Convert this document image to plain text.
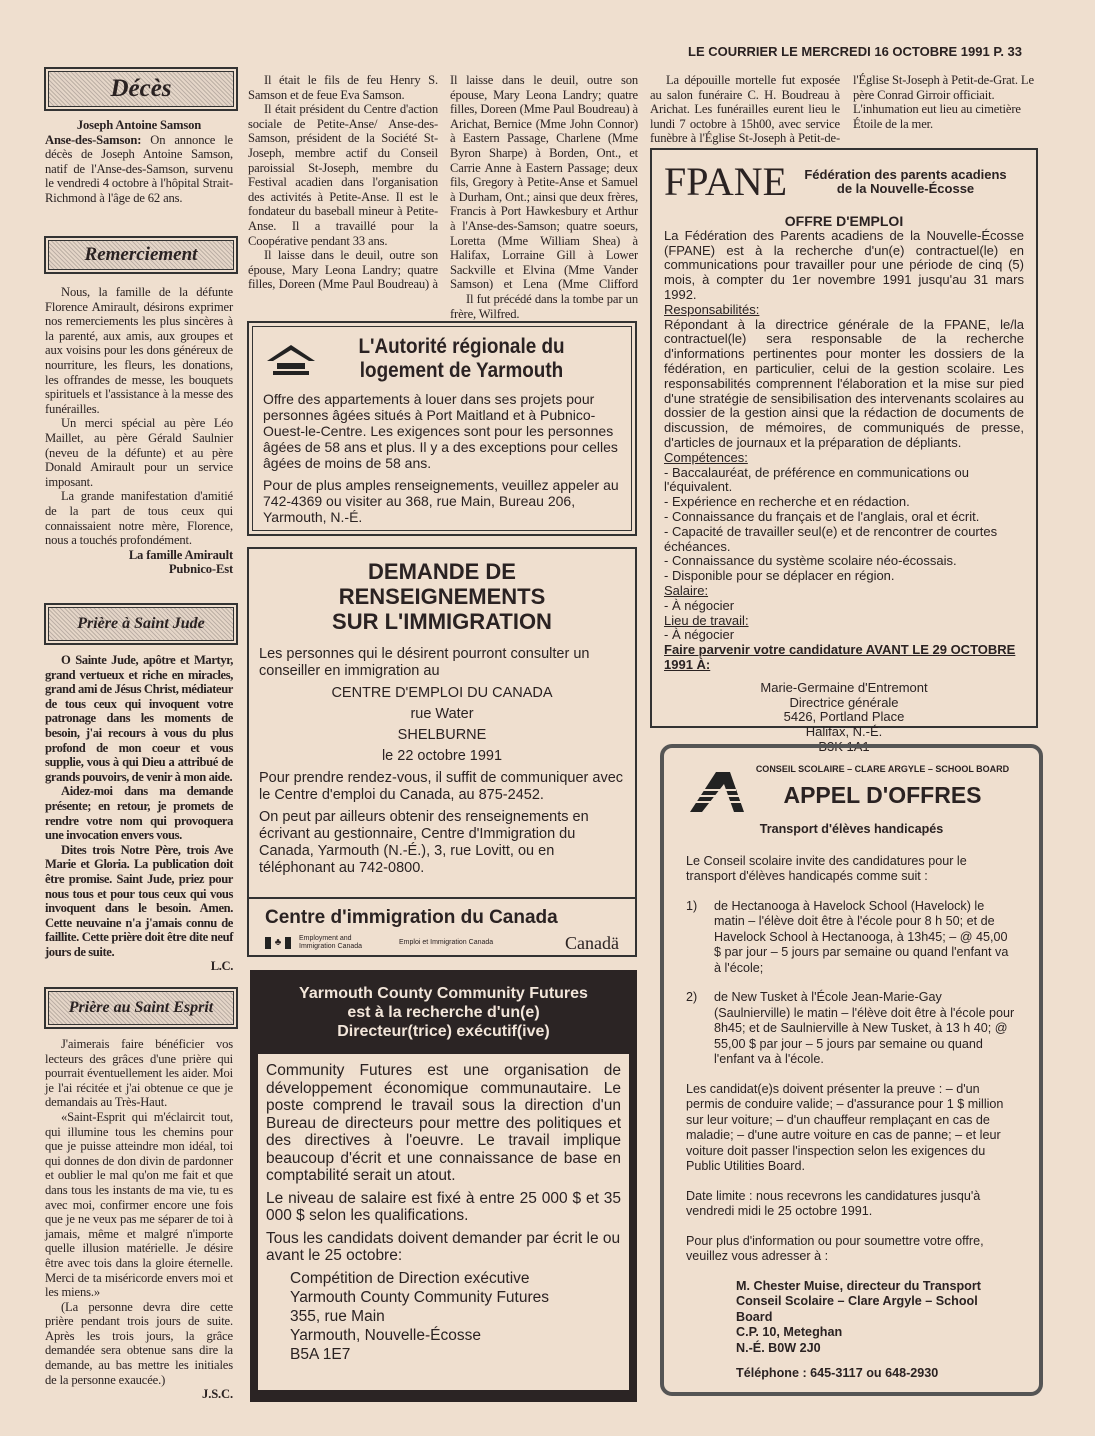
LE COURRIER LE MERCREDI 16 OCTOBRE 1991 P. 33
Décès

Joseph Antoine Samson

Anse-des-Samson: On annonce le décès de Joseph Antoine Samson, natif de l'Anse-des-Samson, survenu le vendredi 4 octobre à l'hôpital Strait-Richmond à l'âge de 62 ans.

Remerciement

Nous, la famille de la défunte Florence Amirault, désirons exprimer nos remerciements les plus sincères à la parenté, aux amis, aux groupes et aux voisins pour les dons généreux de nourriture, les fleurs, les donations, les offrandes de messe, les bouquets spirituels et l'assistance à la messe des funérailles.

Un merci spécial au père Léo Maillet, au père Gérald Saulnier (neveu de la défunte) et au père Donald Amirault pour un service imposant.

La grande manifestation d'amitié de la part de tous ceux qui connaissaient notre mère, Florence, nous a touchés profondément.

La famille Amirault

Pubnico-Est

Prière à Saint Jude

O Sainte Jude, apôtre et Martyr, grand vertueux et riche en miracles, grand ami de Jésus Christ, médiateur de tous ceux qui invoquent votre patronage dans les moments de besoin, j'ai recours à vous du plus profond de mon coeur et vous supplie, vous à qui Dieu a attribué de grands pouvoirs, de venir à mon aide.

Aidez-moi dans ma demande présente; en retour, je promets de rendre votre nom qui provoquera une invocation envers vous.

Dites trois Notre Père, trois Ave Marie et Gloria. La publication doit être promise. Saint Jude, priez pour nous tous et pour tous ceux qui vous invoquent dans le besoin. Amen. Cette neuvaine n'a j'amais connu de faillite. Cette prière doit être dite neuf jours de suite.

L.C.

Prière au Saint Esprit

J'aimerais faire bénéficier vos lecteurs des grâces d'une prière qui pourrait éventuellement les aider. Moi je l'ai récitée et j'ai obtenue ce que je demandais au Très-Haut.

«Saint-Esprit qui m'éclaircit tout, qui illumine tous les chemins pour que je puisse atteindre mon idéal, toi qui donnes de don divin de pardonner et oublier le mal qu'on me fait et que dans tous les instants de ma vie, tu es avec moi, confirmer encore une fois que je ne veux pas me séparer de toi à jamais, même et malgré n'importe quelle illusion matérielle. Je désire être avec tois dans la gloire éternelle. Merci de ta miséricorde envers moi et les miens.»

(La personne devra dire cette prière pendant trois jours de suite. Après les trois jours, la grâce demandée sera obtenue sans dire la demande, au bas mettre les initiales de la personne exaucée.)

J.S.C.

Il était le fils de feu Henry S. Samson et de feue Eva Samson.

Il était président du Centre d'action sociale de Petite-Anse/ Anse-des-Samson, président de la Société St-Joseph, membre actif du Conseil paroissial St-Joseph, membre du Festival acadien dans l'organisation des activités à Petite-Anse. Il est le fondateur du baseball mineur à Petite-Anse. Il a travaillé pour la Coopérative pendant 33 ans.

Il laisse dans le deuil, outre son épouse, Mary Leona Landry; quatre filles, Doreen (Mme Paul Boudreau) à

Il laisse dans le deuil, outre son épouse, Mary Leona Landry; quatre filles, Doreen (Mme Paul Boudreau) à Arichat, Bernice (Mme John Connor) à Eastern Passage, Charlene (Mme Byron Sharpe) à Borden, Ont., et Carrie Anne à Eastern Passage; deux fils, Gregory à Petite-Anse et Samuel à Durham, Ont.; ainsi que deux frères, Francis à Port Hawkesbury et Arthur à l'Anse-des-Samson; quatre soeurs, Loretta (Mme William Shea) à Halifax, Lorraine Gill à Lower Sackville et Elvina (Mme Vander Samson) et Lena (Mme Clifford

Il fut précédé dans la tombe par un frère, Wilfred.

La dépouille mortelle fut exposée au salon funéraire C. H. Boudreau à Arichat. Les funérailles eurent lieu le lundi 7 octobre à 15h00, avec service funèbre à l'Église St-Joseph à Petit-de-

l'Église St-Joseph à Petit-de-Grat. Le père Conrad Girroir officiait. L'inhumation eut lieu au cimetière Étoile de la mer.

L'Autorité régionale du
logement de Yarmouth

Offre des appartements à louer dans ses projets pour personnes âgées situés à Port Maitland et à Pubnico-Ouest-le-Centre. Les exigences sont pour les personnes âgées de 58 ans et plus. Il y a des exceptions pour celles âgées de moins de 58 ans.

Pour de plus amples renseignements, veuillez appeler au 742-4369 ou visiter au 368, rue Main, Bureau 206, Yarmouth, N.-É.

DEMANDE DE
RENSEIGNEMENTS
SUR L'IMMIGRATION

Les personnes qui le désirent pourront consulter un conseiller en immigration au

CENTRE D'EMPLOI DU CANADA
rue Water
SHELBURNE
le 22 octobre 1991

Pour prendre rendez-vous, il suffit de communiquer avec le Centre d'emploi du Canada, au 875-2452.

On peut par ailleurs obtenir des renseignements en écrivant au gestionnaire, Centre d'Immigration du Canada, Yarmouth (N.-É.), 3, rue Lovitt, ou en téléphonant au 742-0800.

Centre d'immigration du Canada
♣	Employment and Immigration Canada
Emploi et Immigration Canada	Canadä
Yarmouth County Community Futures
est à la recherche d'un(e)
Directeur(trice) exécutif(ive)

Community Futures est une organisation de développement économique communautaire. Le poste comprend le travail sous la direction d'un Bureau de directeurs pour mettre des politiques et des directives à l'oeuvre. Le travail implique beaucoup d'écrit et une connaissance de base en comptabilité serait un atout.

Le niveau de salaire est fixé à entre 25 000 $ et 35 000 $ selon les qualifications.

Tous les candidats doivent demander par écrit le ou avant le 25 octobre:

Compétition de Direction exécutive
Yarmouth County Community Futures
355, rue Main
Yarmouth, Nouvelle-Écosse
B5A 1E7
FPANE	Fédération des parents acadiens
de la Nouvelle-Écosse
OFFRE D'EMPLOI

La Fédération des Parents acadiens de la Nouvelle-Écosse (FPANE) est à la recherche d'un(e) contractuel(le) en communications pour travailler pour une période de cinq (5) mois, à compter du 1er novembre 1991 jusqu'au 31 mars 1992.

Responsabilités:

Répondant à la directrice générale de la FPANE, le/la contractuel(le) sera responsable de la recherche d'informations pertinentes pour monter les dossiers de la fédération, en particulier, celui de la gestion scolaire. Les responsabilités comprennent l'élaboration et la mise sur pied d'une stratégie de sensibilisation des intervenants scolaires au dossier de la gestion ainsi que la rédaction de documents de discussion, de mémoires, de communiqués de presse, d'articles de journaux et la préparation de dépliants.

Compétences:

- Baccalauréat, de préférence en communications ou l'équivalent.

- Expérience en recherche et en rédaction.

- Connaissance du français et de l'anglais, oral et écrit.

- Capacité de travailler seul(e) et de rencontrer de courtes échéances.

- Connaissance du système scolaire néo-écossais.

- Disponible pour se déplacer en région.

Salaire:

- À négocier

Lieu de travail:

- À négocier

Faire parvenir votre candidature AVANT LE 29 OCTOBRE 1991 À:

Marie-Germaine d'Entremont
Directrice générale
5426, Portland Place
Halifax, N.-É.
B3K 1A1
CONSEIL SCOLAIRE – CLARE ARGYLE – SCHOOL BOARD
APPEL D'OFFRES
Transport d'élèves handicapés

Le Conseil scolaire invite des candidatures pour le transport d'élèves handicapés comme suit :

1)	de Hectanooga à Havelock School (Havelock) le matin – l'élève doit être à l'école pour 8 h 50; et de Havelock School à Hectanooga, à 13h45; – @ 45,00 $ par jour – 5 jours par semaine ou quand l'enfant va à l'école;
2)	de New Tusket à l'École Jean-Marie-Gay (Saulnierville) le matin – l'élève doit être à l'école pour 8h45; et de Saulnierville à New Tusket, à 13 h 40; @ 55,00 $ par jour – 5 jours par semaine ou quand l'enfant va à l'école.

Les candidat(e)s doivent présenter la preuve : – d'un permis de conduire valide; – d'assurance pour 1 $ million sur leur voiture; – d'un chauffeur remplaçant en cas de maladie; – d'une autre voiture en cas de panne; – et leur voiture doit passer l'inspection selon les exigences du Public Utilities Board.

Date limite : nous recevrons les candidatures jusqu'à vendredi midi le 25 octobre 1991.

Pour plus d'information ou pour soumettre votre offre, veuillez vous adresser à :

M. Chester Muise, directeur du Transport
Conseil Scolaire – Clare Argyle – School Board
C.P. 10, Meteghan
N.-É. B0W 2J0
Téléphone : 645-3117 ou 648-2930
